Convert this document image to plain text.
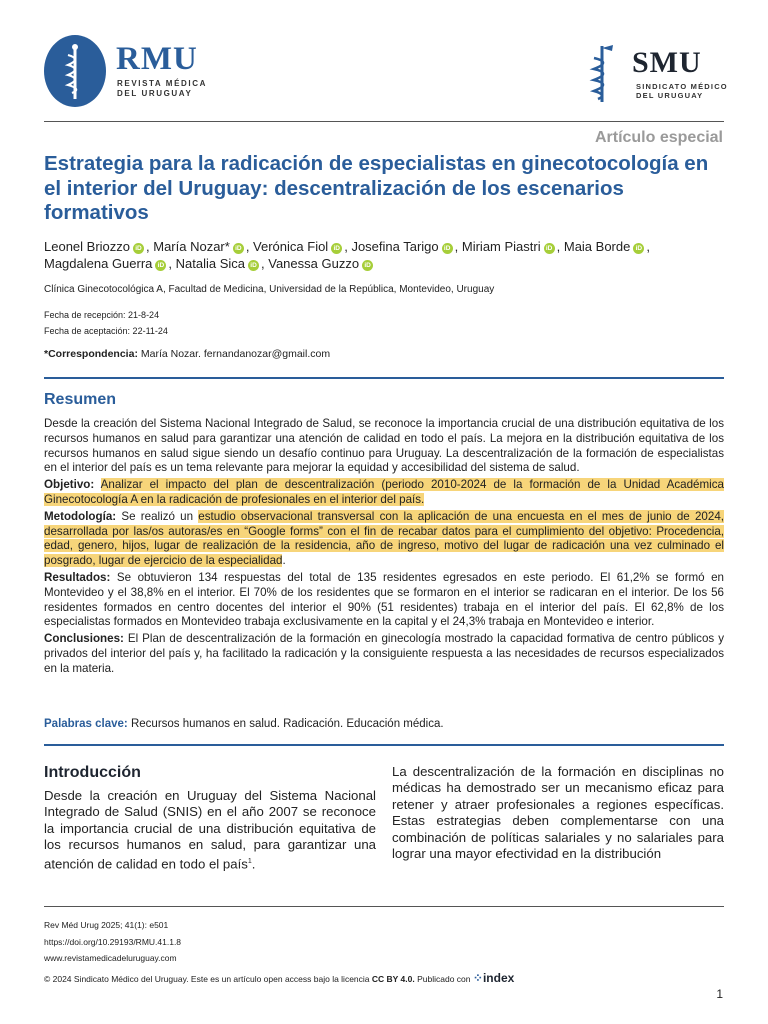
RMU
REVISTA MÉDICA
DEL URUGUAY
SMU
SINDICATO MÉDICO
DEL URUGUAY
Artículo especial
Estrategia para la radicación de especialistas en ginecotocología en el interior del Uruguay: descentralización de los escenarios formativos
Leonel Briozzo iD , María Nozar* iD , Verónica Fiol iD , Josefina Tarigo iD , Miriam Piastri iD , Maia Borde iD ,
Magdalena Guerra iD , Natalia Sica iD , Vanessa Guzzo iD
Clínica Ginecotocológica A, Facultad de Medicina, Universidad de la República, Montevideo, Uruguay
Fecha de recepción: 21-8-24
Fecha de aceptación: 22-11-24
*Correspondencia: María Nozar. fernandanozar@gmail.com
Resumen

Desde la creación del Sistema Nacional Integrado de Salud, se reconoce la importancia crucial de una distribución equitativa de los recursos humanos en salud para garantizar una atención de calidad en todo el país. La mejora en la distribución equitativa de los recursos humanos en salud sigue siendo un desafío continuo para Uruguay. La descentralización de la formación de especialistas en el interior del país es un tema relevante para mejorar la equidad y accesibilidad del sistema de salud.

Objetivo: Analizar el impacto del plan de descentralización (periodo 2010-2024 de la formación de la Unidad Académica Ginecotocología A en la radicación de profesionales en el interior del país.

Metodología: Se realizó un estudio observacional transversal con la aplicación de una encuesta en el mes de junio de 2024, desarrollada por las/os autoras/es en “Google forms” con el fin de recabar datos para el cumplimiento del objetivo: Procedencia, edad, genero, hijos, lugar de realización de la residencia, año de ingreso, motivo del lugar de radicación una vez culminado el posgrado, lugar de ejercicio de la especialidad.

Resultados: Se obtuvieron 134 respuestas del total de 135 residentes egresados en este periodo. El 61,2% se formó en Montevideo y el 38,8% en el interior. El 70% de los residentes que se formaron en el interior se radicaran en el interior. De los 56 residentes formados en centro docentes del interior el 90% (51 residentes) trabaja en el interior del país. El 62,8% de los especialistas formados en Montevideo trabaja exclusivamente en la capital y el 24,3% trabaja en Montevideo e interior.

Conclusiones: El Plan de descentralización de la formación en ginecología mostrado la capacidad formativa de centro públicos y privados del interior del país y, ha facilitado la radicación y la consiguiente respuesta a las necesidades de recursos especializados en la materia.

Palabras clave: Recursos humanos en salud. Radicación. Educación médica.
Introducción

Desde la creación en Uruguay del Sistema Nacional Integrado de Salud (SNIS) en el año 2007 se reconoce la importancia crucial de una distribución equitativa de los recursos humanos en salud, para garantizar una atención de calidad en todo el país$^1$.

La descentralización de la formación en disciplinas no médicas ha demostrado ser un mecanismo eficaz para retener y atraer profesionales a regiones específicas. Estas estrategias deben complementarse con una combinación de políticas salariales y no salariales para lograr una mayor efectividad en la distribución

Rev Méd Urug 2025; 41(1): e501
https://doi.org/10.29193/RMU.41.1.8
www.revistamedicadeluruguay.com
© 2024 Sindicato Médico del Uruguay. Este es un artículo open access bajo la licencia CC BY 4.0. Publicado con ⁘index
1
